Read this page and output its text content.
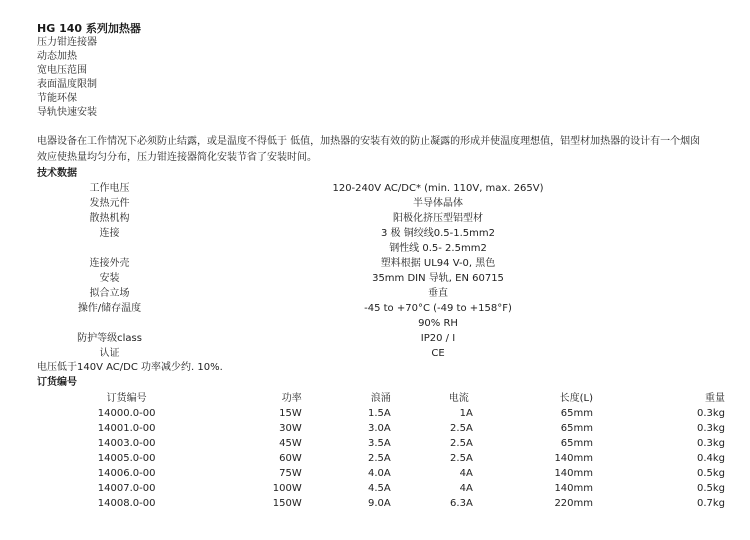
HG 140 系列加热器
压力钳连接器
动态加热
宽电压范围
表面温度限制
节能环保
导轨快速安装
电器设备在工作情况下必须防止结露，或是温度不得低于 低值，加热器的安装有效的防止凝露的形成并使温度理想值，铝型材加热器的设计有一个烟囱效应使热量均匀分布，压力钳连接器简化安装节省了安装时间。
技术数据
工作电压	120-240V AC/DC* (min. 110V, max. 265V)
发热元件	半导体晶体
散热机构	阳极化挤压型铝型材
连接	3 极 铜绞线0.5-1.5mm2
	钢性线 0.5- 2.5mm2
连接外壳	塑料根据 UL94 V-0, 黑色
安装	35mm DIN 导轨, EN 60715
拟合立场	垂直
操作/储存温度	-45 to +70°C (-49 to +158°F)
	90% RH
防护等级class	IP20 / I
认证	CE
电压低于140V AC/DC 功率减少约. 10%.
订货编号
订货编号	功率	浪涌	电流	长度(L)	重量
14000.0-00	15W	1.5A	1A	65mm	0.3kg
14001.0-00	30W	3.0A	2.5A	65mm	0.3kg
14003.0-00	45W	3.5A	2.5A	65mm	0.3kg
14005.0-00	60W	2.5A	2.5A	140mm	0.4kg
14006.0-00	75W	4.0A	4A	140mm	0.5kg
14007.0-00	100W	4.5A	4A	140mm	0.5kg
14008.0-00	150W	9.0A	6.3A	220mm	0.7kg
